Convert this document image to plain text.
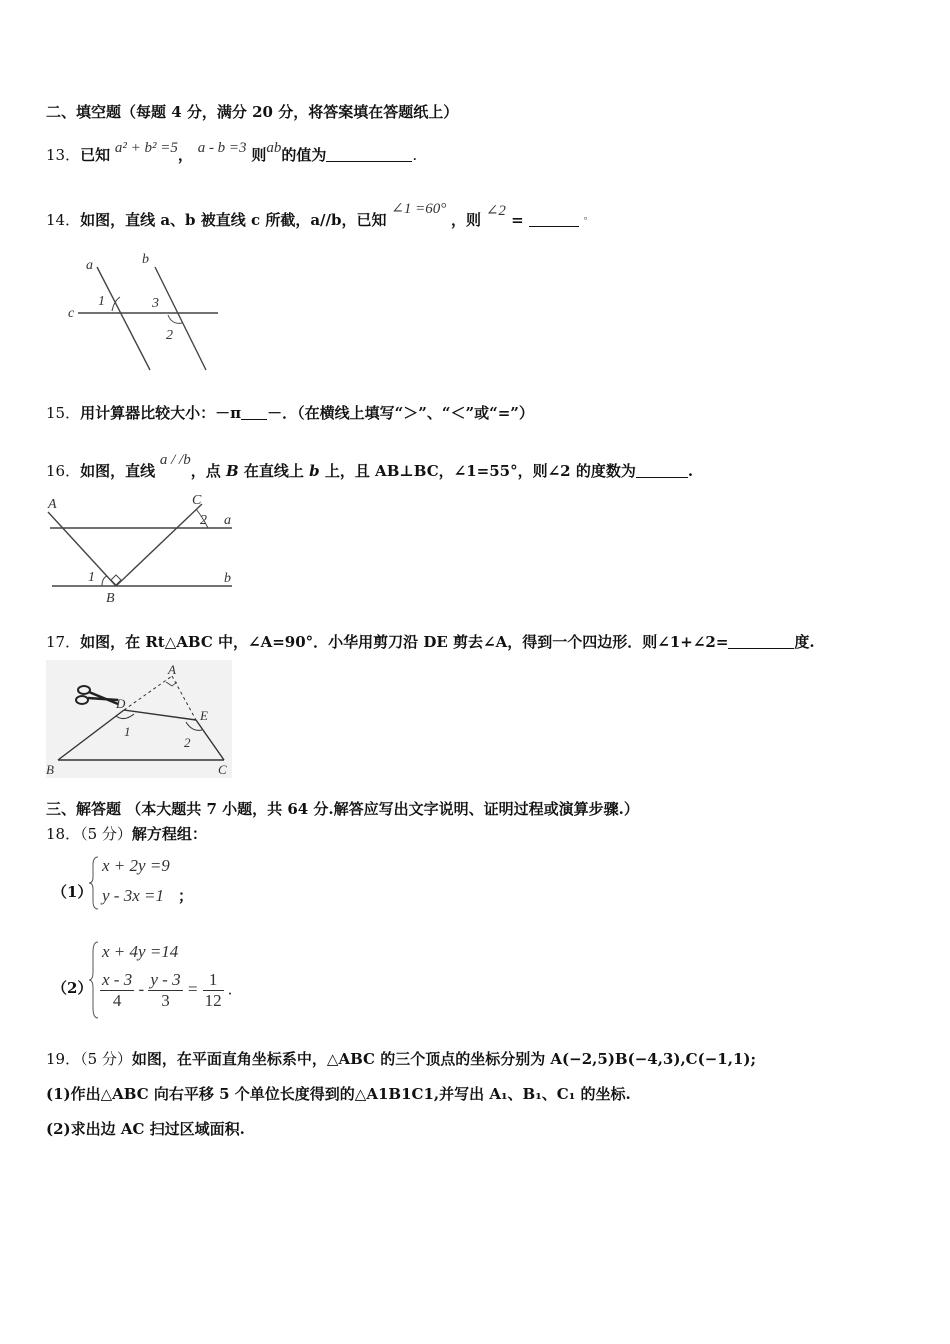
二、填空题（每题 4 分，满分 20 分，将答案填在答题纸上）
13．已知 a² + b² =5， a - b =3 则ab的值为	.
14．如图，直线 a、b 被直线 c 所截，a//b，已知 ∠1 =60° ，则 ∠2 =	。
a	b
c
1	3
2
15．用计算器比较大小：－π －．（在横线上填写“＞”、“＜”或“=”）
16．如图，直线 a / /b，点 B 在直线上 b 上，且 AB⊥BC，∠1=55°，则∠2 的度数为	.
A	C
a
b
B
1
2
17．如图，在 Rt△ABC 中，∠A=90°．小华用剪刀沿 DE 剪去∠A，得到一个四边形．则∠1+∠2=	度.
A
D
E
B	C
1
2
三、解答题 （本大题共 7 小题，共 64 分.解答应写出文字说明、证明过程或演算步骤.）
18．（5 分）解方程组：
（1）
x + 2y =9
y - 3x =1 ；
（2）
x + 4y =14
$\frac{x - 3}{4} - \frac{y - 3}{3} = \frac{1}{12}$ .
19．（5 分）如图，在平面直角坐标系中，△ABC 的三个顶点的坐标分别为 A(−2,5)B(−4,3),C(−1,1);
(1)作出△ABC 向右平移 5 个单位长度得到的△A1B1C1,并写出 A₁、B₁、C₁ 的坐标.
(2)求出边 AC 扫过区域面积.
